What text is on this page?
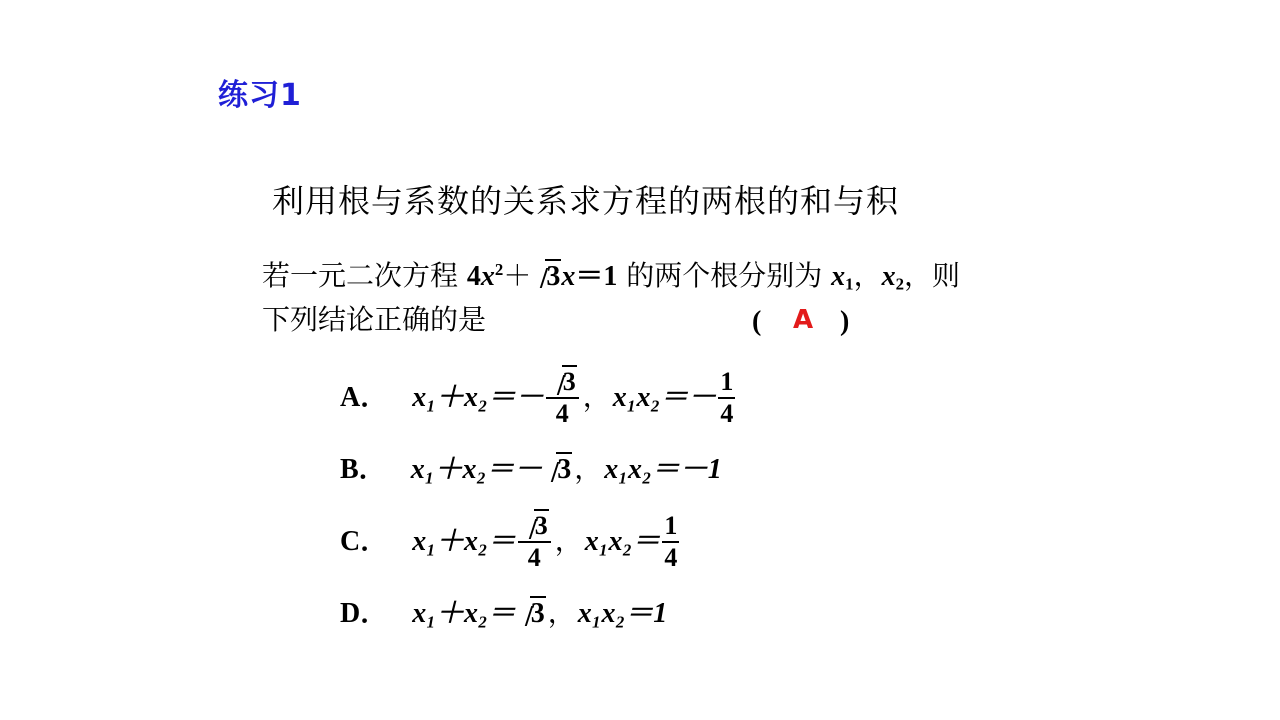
练习1
利用根与系数的关系求方程的两根的和与积
若一元二次方程 $4x^2+ 3x=1$ 的两个根分别为 $x_1$，$x_2$，则
下列结论正确的是	( A )
A． $x_1+x_2=- \frac{3}{4}$ ， $x_1x_2=- \frac{1}{4}$
B． x₁＋x₂＝－ 3 ， x₁x₂＝－1
C． $x_1+x_2= \frac{3}{4}$ ， $x_1x_2= \frac{1}{4}$
D． x₁＋x₂＝ 3 ， x₁x₂＝1
